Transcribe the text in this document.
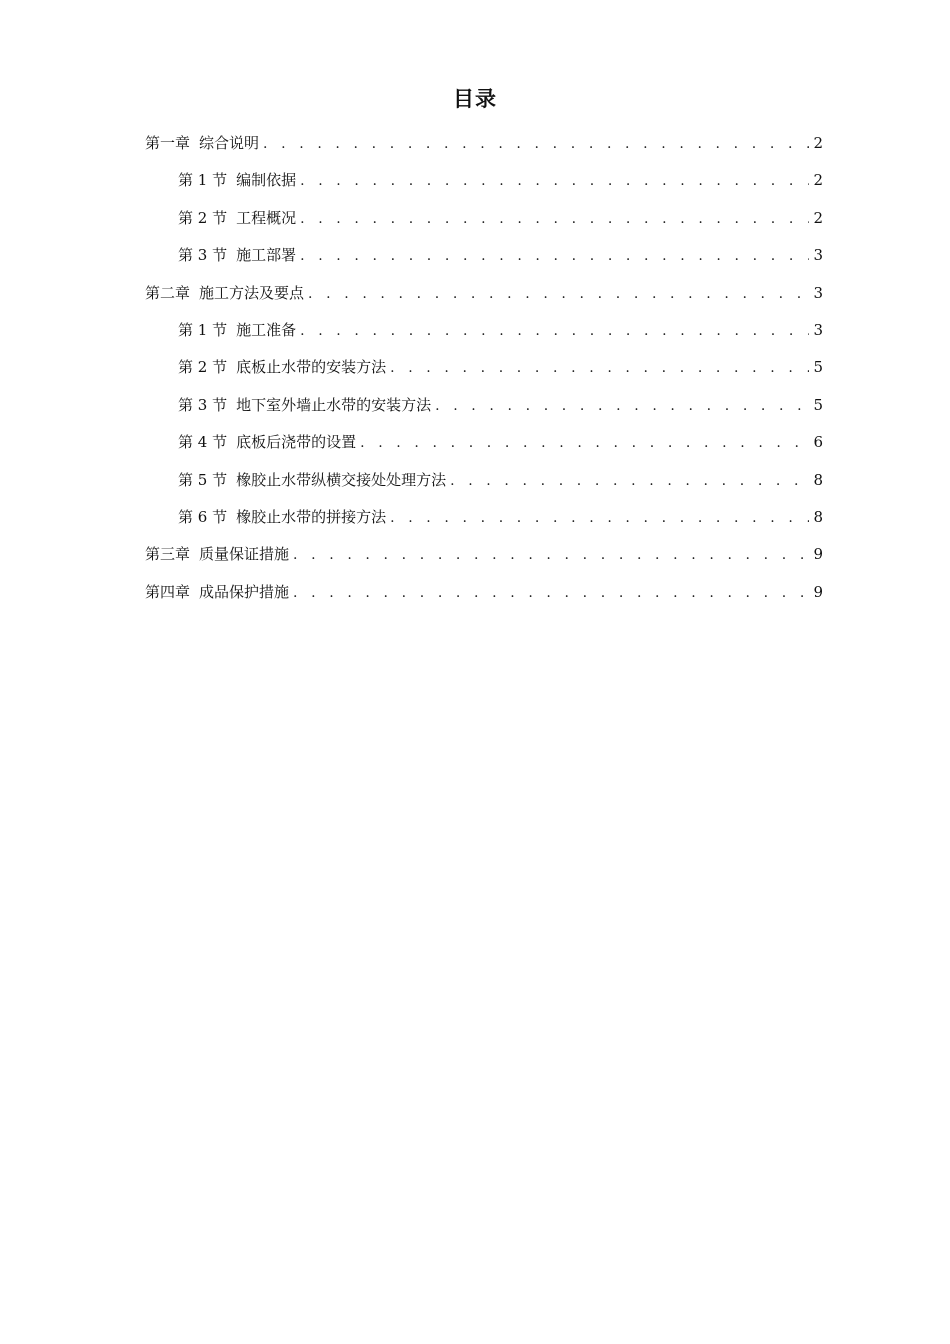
目录
第一章 综合说明 . . .	2
第 1 节 编制依据 . . .	2
第 2 节 工程概况 . . .	2
第 3 节 施工部署 . . .	3
第二章 施工方法及要点 . . .	3
第 1 节 施工准备 . . .	3
第 2 节 底板止水带的安装方法 . . .	5
第 3 节 地下室外墙止水带的安装方法 . . .	5
第 4 节 底板后浇带的设置 . . .	6
第 5 节 橡胶止水带纵横交接处处理方法 . . .	8
第 6 节 橡胶止水带的拼接方法 . . .	8
第三章 质量保证措施 . . .	9
第四章 成品保护措施 . . .	9
